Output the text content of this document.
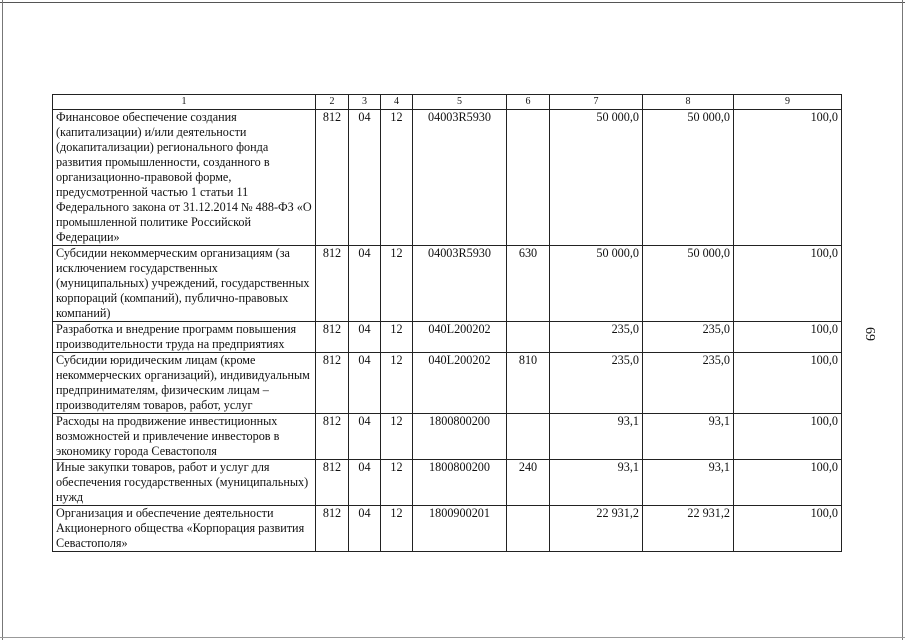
69
1	2	3	4	5	6	7	8	9
Финансовое обеспечение создания (капитализации) и/или деятельности (докапитализации) регионального фонда развития промышленности, созданного в организационно-правовой форме, предусмотренной частью 1 статьи 11 Федерального закона от 31.12.2014 № 488-ФЗ «О промышленной политике Российской Федерации»	812	04	12	04003R5930		50 000,0	50 000,0	100,0
Субсидии некоммерческим организациям (за исключением государственных (муниципальных) учреждений, государственных корпораций (компаний), публично-правовых компаний)	812	04	12	04003R5930	630	50 000,0	50 000,0	100,0
Разработка и внедрение программ повышения производительности труда на предприятиях	812	04	12	040L200202		235,0	235,0	100,0
Субсидии юридическим лицам (кроме некоммерческих организаций), индивидуальным предпринимателям, физическим лицам – производителям товаров, работ, услуг	812	04	12	040L200202	810	235,0	235,0	100,0
Расходы на продвижение инвестиционных возможностей и привлечение инвесторов в экономику города Севастополя	812	04	12	1800800200		93,1	93,1	100,0
Иные закупки товаров, работ и услуг для обеспечения государственных (муниципальных) нужд	812	04	12	1800800200	240	93,1	93,1	100,0
Организация и обеспечение деятельности Акционерного общества «Корпорация развития Севастополя»	812	04	12	1800900201		22 931,2	22 931,2	100,0
